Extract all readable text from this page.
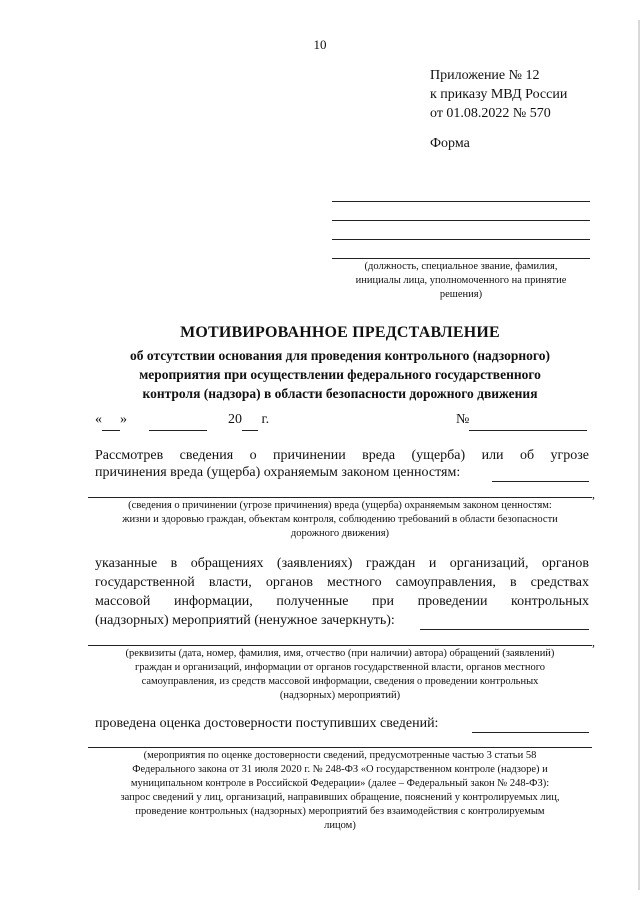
10
Приложение № 12
к приказу МВД России
от 01.08.2022 № 570
Форма
(должность, специальное звание, фамилия,
инициалы лица, уполномоченного на принятие
решения)
МОТИВИРОВАННОЕ ПРЕДСТАВЛЕНИЕ
об отсутствии основания для проведения контрольного (надзорного)
мероприятия при осуществлении федерального государственного
контроля (надзора) в области безопасности дорожного движения
« »	20 г.	№
Рассмотрев сведения о причинении вреда (ущерба) или об угрозе
причинения вреда (ущерба) охраняемым законом ценностям:
,
(сведения о причинении (угрозе причинения) вреда (ущерба) охраняемым законом ценностям:
жизни и здоровью граждан, объектам контроля, соблюдению требований в области безопасности
дорожного движения)
указанные в обращениях (заявлениях) граждан и организаций, органов
государственной власти, органов местного самоуправления, в средствах
массовой информации, полученные при проведении контрольных
(надзорных) мероприятий (ненужное зачеркнуть):
,
(реквизиты (дата, номер, фамилия, имя, отчество (при наличии) автора) обращений (заявлений)
граждан и организаций, информации от органов государственной власти, органов местного
самоуправления, из средств массовой информации, сведения о проведении контрольных
(надзорных) мероприятий)
проведена оценка достоверности поступивших сведений:
(мероприятия по оценке достоверности сведений, предусмотренные частью 3 статьи 58
Федерального закона от 31 июля 2020 г. № 248-ФЗ «О государственном контроле (надзоре) и
муниципальном контроле в Российской Федерации» (далее – Федеральный закон № 248-ФЗ):
запрос сведений у лиц, организаций, направивших обращение, пояснений у контролируемых лиц,
проведение контрольных (надзорных) мероприятий без взаимодействия с контролируемым
лицом)
